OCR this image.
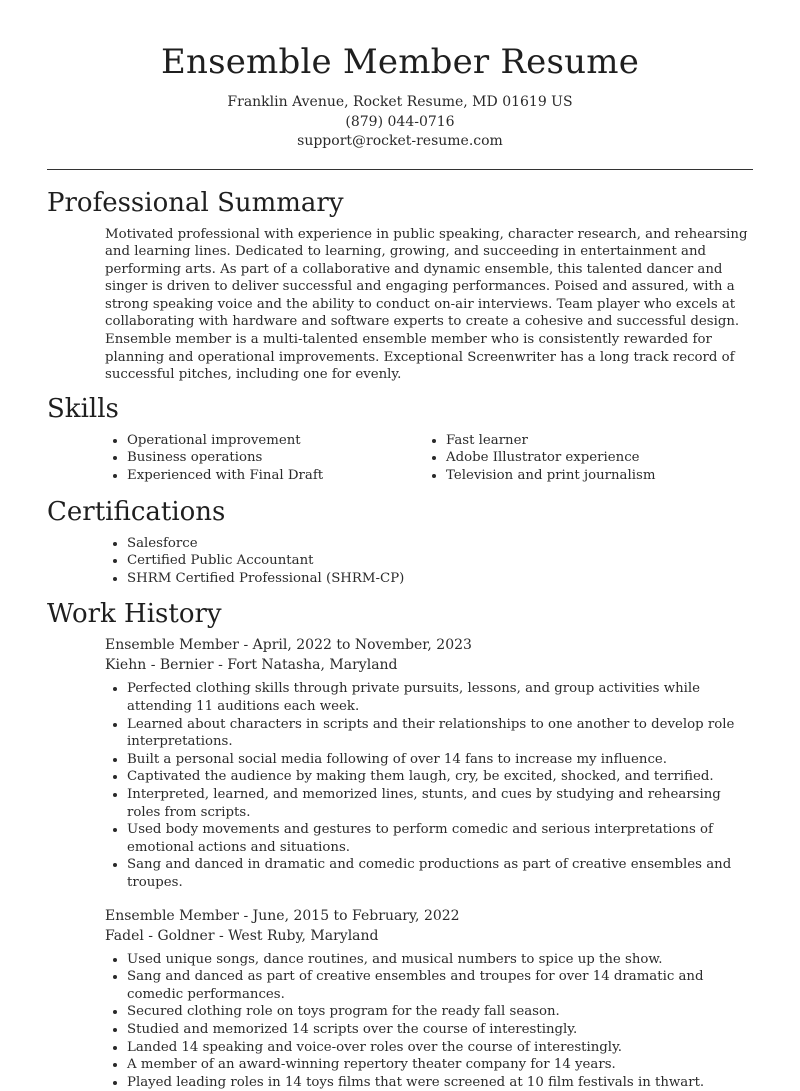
Ensemble Member Resume
Franklin Avenue, Rocket Resume, MD 01619 US
(879) 044-0716
support@rocket-resume.com
Professional Summary

Motivated professional with experience in public speaking, character research, and rehearsing and learning lines. Dedicated to learning, growing, and succeeding in entertainment and performing arts. As part of a collaborative and dynamic ensemble, this talented dancer and singer is driven to deliver successful and engaging performances. Poised and assured, with a strong speaking voice and the ability to conduct on-air interviews. Team player who excels at collaborating with hardware and software experts to create a cohesive and successful design. Ensemble member is a multi-talented ensemble member who is consistently rewarded for planning and operational improvements. Exceptional Screenwriter has a long track record of successful pitches, including one for evenly.

Skills
• Operational improvement
• Business operations
• Experienced with Final Draft
• Fast learner
• Adobe Illustrator experience
• Television and print journalism
Certifications
• Salesforce
• Certified Public Accountant
• SHRM Certified Professional (SHRM-CP)
Work History
Ensemble Member - April, 2022 to November, 2023
Kiehn - Bernier - Fort Natasha, Maryland
• Perfected clothing skills through private pursuits, lessons, and group activities while attending 11 auditions each week.
• Learned about characters in scripts and their relationships to one another to develop role interpretations.
• Built a personal social media following of over 14 fans to increase my influence.
• Captivated the audience by making them laugh, cry, be excited, shocked, and terrified.
• Interpreted, learned, and memorized lines, stunts, and cues by studying and rehearsing roles from scripts.
• Used body movements and gestures to perform comedic and serious interpretations of emotional actions and situations.
• Sang and danced in dramatic and comedic productions as part of creative ensembles and troupes.
Ensemble Member - June, 2015 to February, 2022
Fadel - Goldner - West Ruby, Maryland
• Used unique songs, dance routines, and musical numbers to spice up the show.
• Sang and danced as part of creative ensembles and troupes for over 14 dramatic and comedic performances.
• Secured clothing role on toys program for the ready fall season.
• Studied and memorized 14 scripts over the course of interestingly.
• Landed 14 speaking and voice-over roles over the course of interestingly.
• A member of an award-winning repertory theater company for 14 years.
• Played leading roles in 14 toys films that were screened at 10 film festivals in thwart.
